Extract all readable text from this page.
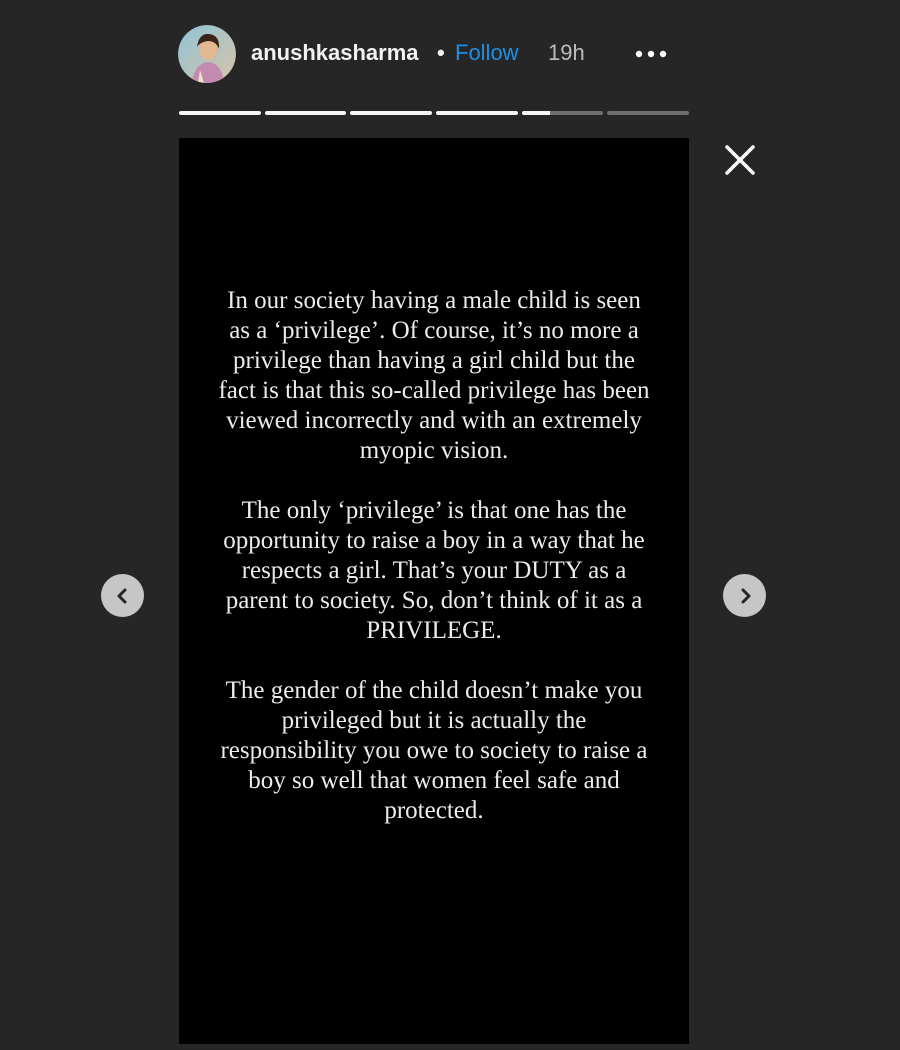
anushkasharma • Follow 19h

In our society having a male child is seen as a ‘privilege’. Of course, it’s no more a privilege than having a girl child but the fact is that this so-called privilege has been viewed incorrectly and with an extremely myopic vision.

The only ‘privilege’ is that one has the opportunity to raise a boy in a way that he respects a girl. That’s your DUTY as a parent to society. So, don’t think of it as a PRIVILEGE.

The gender of the child doesn’t make you privileged but it is actually the responsibility you owe to society to raise a boy so well that women feel safe and protected.
